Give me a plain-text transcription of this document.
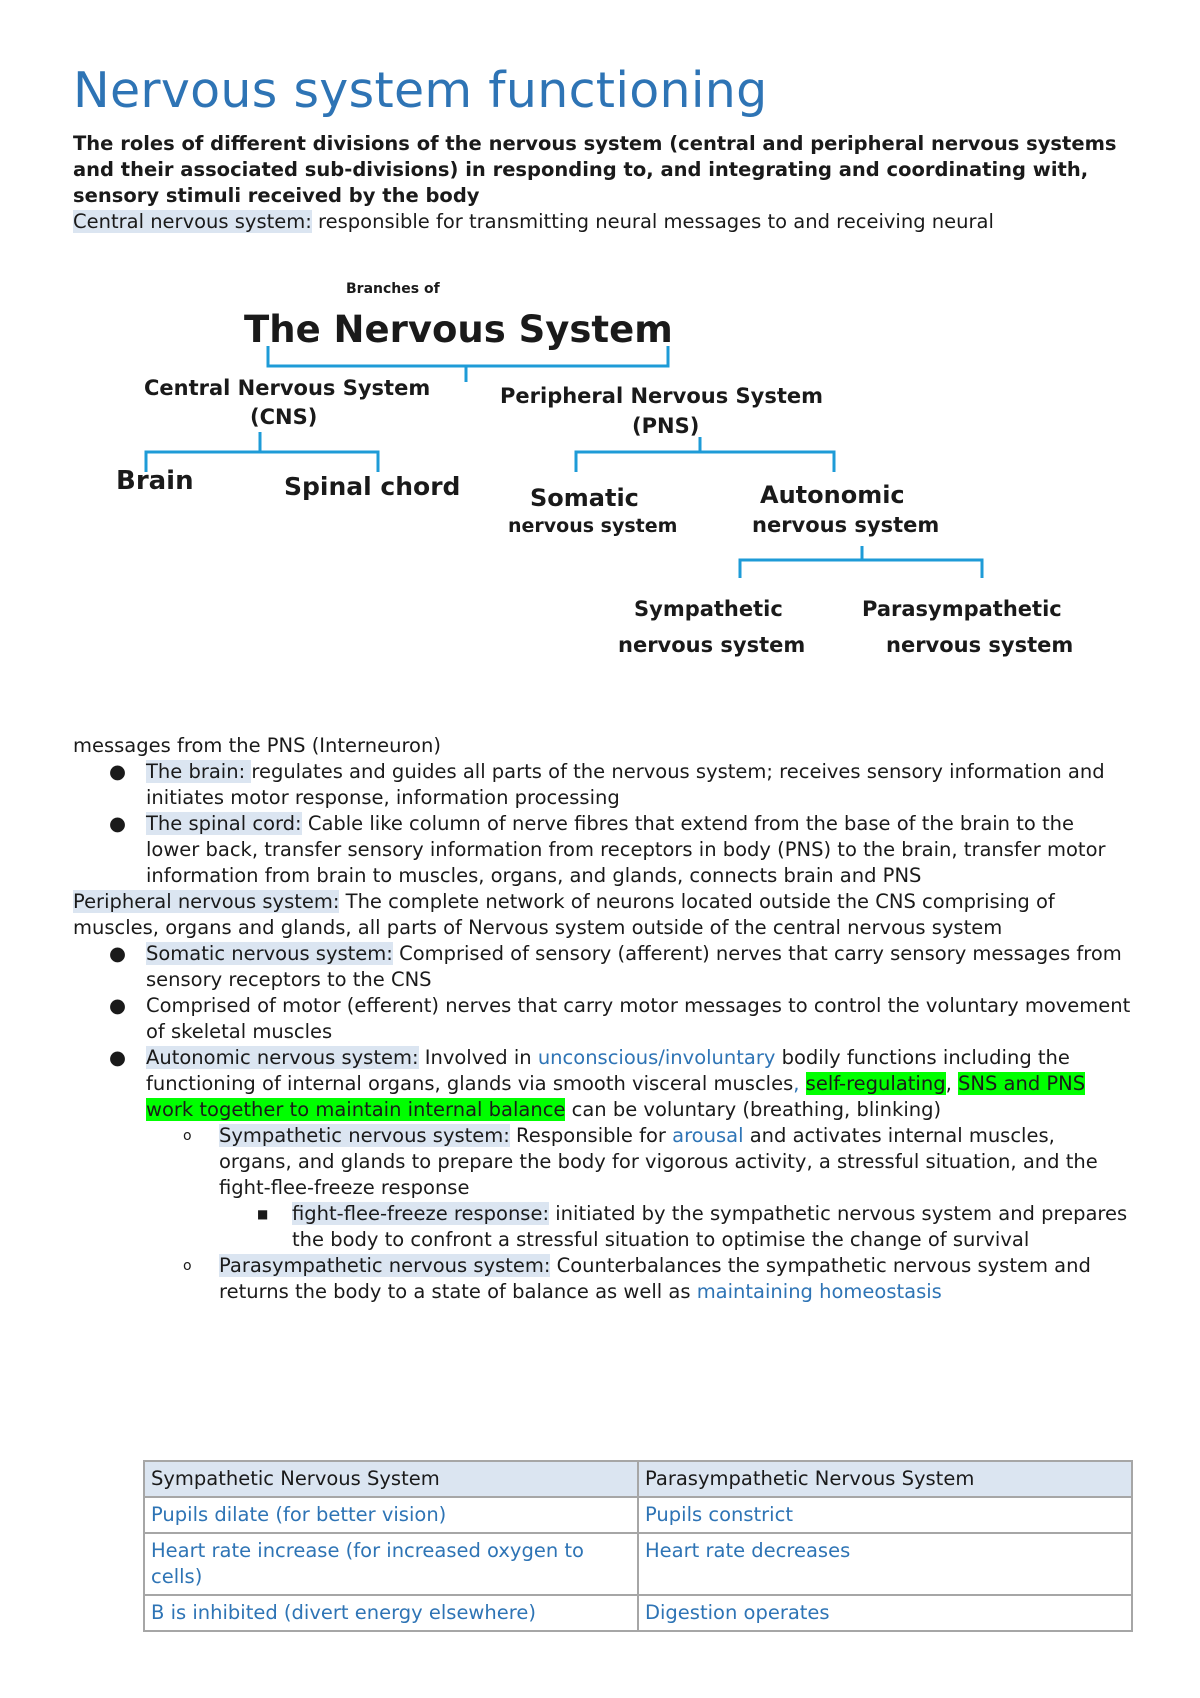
Nervous system functioning

The roles of different divisions of the nervous system (central and peripheral nervous systems and their associated sub-divisions) in responding to, and integrating and coordinating with, sensory stimuli received by the body

Central nervous system: responsible for transmitting neural messages to and receiving neural

Branches of
The Nervous System
Central Nervous System
(CNS)
Peripheral Nervous System
(PNS)
Brain	Spinal chord	Somatic
nervous system
Autonomic
nervous system
Sympathetic
nervous system
Parasympathetic
nervous system

messages from the PNS (Interneuron)

● The brain: regulates and guides all parts of the nervous system; receives sensory information and initiates motor response, information processing
● The spinal cord: Cable like column of nerve fibres that extend from the base of the brain to the lower back, transfer sensory information from receptors in body (PNS) to the brain, transfer motor information from brain to muscles, organs, and glands, connects brain and PNS

Peripheral nervous system: The complete network of neurons located outside the CNS comprising of muscles, organs and glands, all parts of Nervous system outside of the central nervous system

● Somatic nervous system: Comprised of sensory (afferent) nerves that carry sensory messages from sensory receptors to the CNS
● Comprised of motor (efferent) nerves that carry motor messages to control the voluntary movement of skeletal muscles
● Autonomic nervous system: Involved in unconscious/involuntary bodily functions including the functioning of internal organs, glands via smooth visceral muscles, self-regulating, SNS and PNS work together to maintain internal balance can be voluntary (breathing, blinking)
o Sympathetic nervous system: Responsible for arousal and activates internal muscles, organs, and glands to prepare the body for vigorous activity, a stressful situation, and the fight-flee-freeze response
■ fight-flee-freeze response: initiated by the sympathetic nervous system and prepares the body to confront a stressful situation to optimise the change of survival
o Parasympathetic nervous system: Counterbalances the sympathetic nervous system and returns the body to a state of balance as well as maintaining homeostasis
Sympathetic Nervous System	Parasympathetic Nervous System
Pupils dilate (for better vision)	Pupils constrict
Heart rate increase (for increased oxygen to cells)	Heart rate decreases
B is inhibited (divert energy elsewhere)	Digestion operates
